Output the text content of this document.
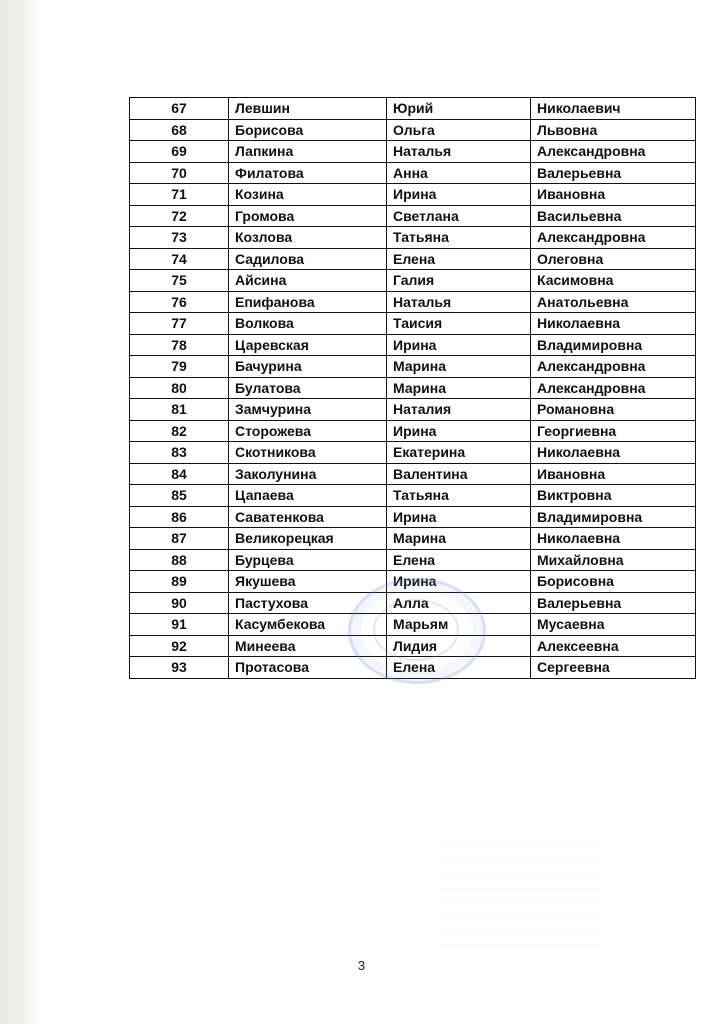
67	Левшин	Юрий	Николаевич
68	Борисова	Ольга	Львовна
69	Лапкина	Наталья	Александровна
70	Филатова	Анна	Валерьевна
71	Козина	Ирина	Ивановна
72	Громова	Светлана	Васильевна
73	Козлова	Татьяна	Александровна
74	Садилова	Елена	Олеговна
75	Айсина	Галия	Касимовна
76	Епифанова	Наталья	Анатольевна
77	Волкова	Таисия	Николаевна
78	Царевская	Ирина	Владимировна
79	Бачурина	Марина	Александровна
80	Булатова	Марина	Александровна
81	Замчурина	Наталия	Романовна
82	Сторожева	Ирина	Георгиевна
83	Скотникова	Екатерина	Николаевна
84	Заколунина	Валентина	Ивановна
85	Цапаева	Татьяна	Виктровна
86	Саватенкова	Ирина	Владимировна
87	Великорецкая	Марина	Николаевна
88	Бурцева	Елена	Михайловна
89	Якушева	Ирина	Борисовна
90	Пастухова	Алла	Валерьевна
91	Касумбекова	Марьям	Мусаевна
92	Минеева	Лидия	Алексеевна
93	Протасова	Елена	Сергеевна
3
